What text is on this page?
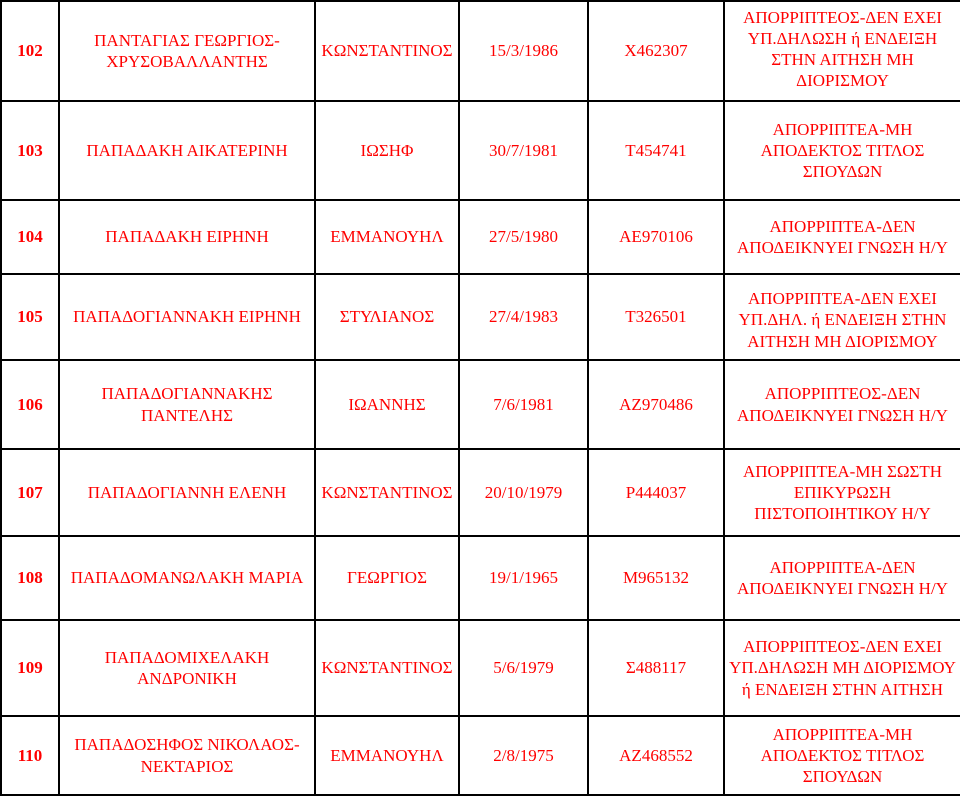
102	ΠΑΝΤΑΓΙΑΣ ΓΕΩΡΓΙΟΣ-ΧΡΥΣΟΒΑΛΛΑΝΤΗΣ	ΚΩΝΣΤΑΝΤΙΝΟΣ	15/3/1986	Χ462307	ΑΠΟΡΡΙΠΤΕΟΣ-ΔΕΝ ΕΧΕΙ ΥΠ.ΔΗΛΩΣΗ ή ΕΝΔΕΙΞΗ ΣΤΗΝ ΑΙΤΗΣΗ ΜΗ ΔΙΟΡΙΣΜΟΥ

103	ΠΑΠΑΔΑΚΗ ΑΙΚΑΤΕΡΙΝΗ	ΙΩΣΗΦ	30/7/1981	Τ454741	ΑΠΟΡΡΙΠΤΕΑ-ΜΗ ΑΠΟΔΕΚΤΟΣ ΤΙΤΛΟΣ ΣΠΟΥΔΩΝ
104	ΠΑΠΑΔΑΚΗ ΕΙΡΗΝΗ	ΕΜΜΑΝΟΥΗΛ	27/5/1980	ΑΕ970106	ΑΠΟΡΡΙΠΤΕΑ-ΔΕΝ ΑΠΟΔΕΙΚΝΥΕΙ ΓΝΩΣΗ Η/Υ
105	ΠΑΠΑΔΟΓΙΑΝΝΑΚΗ ΕΙΡΗΝΗ	ΣΤΥΛΙΑΝΟΣ	27/4/1983	Τ326501	ΑΠΟΡΡΙΠΤΕΑ-ΔΕΝ ΕΧΕΙ ΥΠ.ΔΗΛ. ή ΕΝΔΕΙΞΗ ΣΤΗΝ ΑΙΤΗΣΗ ΜΗ ΔΙΟΡΙΣΜΟΥ

106	ΠΑΠΑΔΟΓΙΑΝΝΑΚΗΣ ΠΑΝΤΕΛΗΣ	ΙΩΑΝΝΗΣ	7/6/1981	ΑΖ970486	ΑΠΟΡΡΙΠΤΕΟΣ-ΔΕΝ ΑΠΟΔΕΙΚΝΥΕΙ ΓΝΩΣΗ Η/Υ
107	ΠΑΠΑΔΟΓΙΑΝΝΗ ΕΛΕΝΗ	ΚΩΝΣΤΑΝΤΙΝΟΣ	20/10/1979	Ρ444037	ΑΠΟΡΡΙΠΤΕΑ-ΜΗ ΣΩΣΤΗ ΕΠΙΚΥΡΩΣΗ ΠΙΣΤΟΠΟΙΗΤΙΚΟΥ Η/Υ
108	ΠΑΠΑΔΟΜΑΝΩΛΑΚΗ ΜΑΡΙΑ	ΓΕΩΡΓΙΟΣ	19/1/1965	Μ965132	ΑΠΟΡΡΙΠΤΕΑ-ΔΕΝ ΑΠΟΔΕΙΚΝΥΕΙ ΓΝΩΣΗ Η/Υ
109	ΠΑΠΑΔΟΜΙΧΕΛΑΚΗ ΑΝΔΡΟΝΙΚΗ	ΚΩΝΣΤΑΝΤΙΝΟΣ	5/6/1979	Σ488117	ΑΠΟΡΡΙΠΤΕΟΣ-ΔΕΝ ΕΧΕΙ ΥΠ.ΔΗΛΩΣΗ ΜΗ ΔΙΟΡΙΣΜΟΥ ή ΕΝΔΕΙΞΗ ΣΤΗΝ ΑΙΤΗΣΗ
110	ΠΑΠΑΔΟΣΗΦΟΣ ΝΙΚΟΛΑΟΣ-ΝΕΚΤΑΡΙΟΣ	ΕΜΜΑΝΟΥΗΛ	2/8/1975	ΑΖ468552	ΑΠΟΡΡΙΠΤΕΑ-ΜΗ ΑΠΟΔΕΚΤΟΣ ΤΙΤΛΟΣ ΣΠΟΥΔΩΝ
